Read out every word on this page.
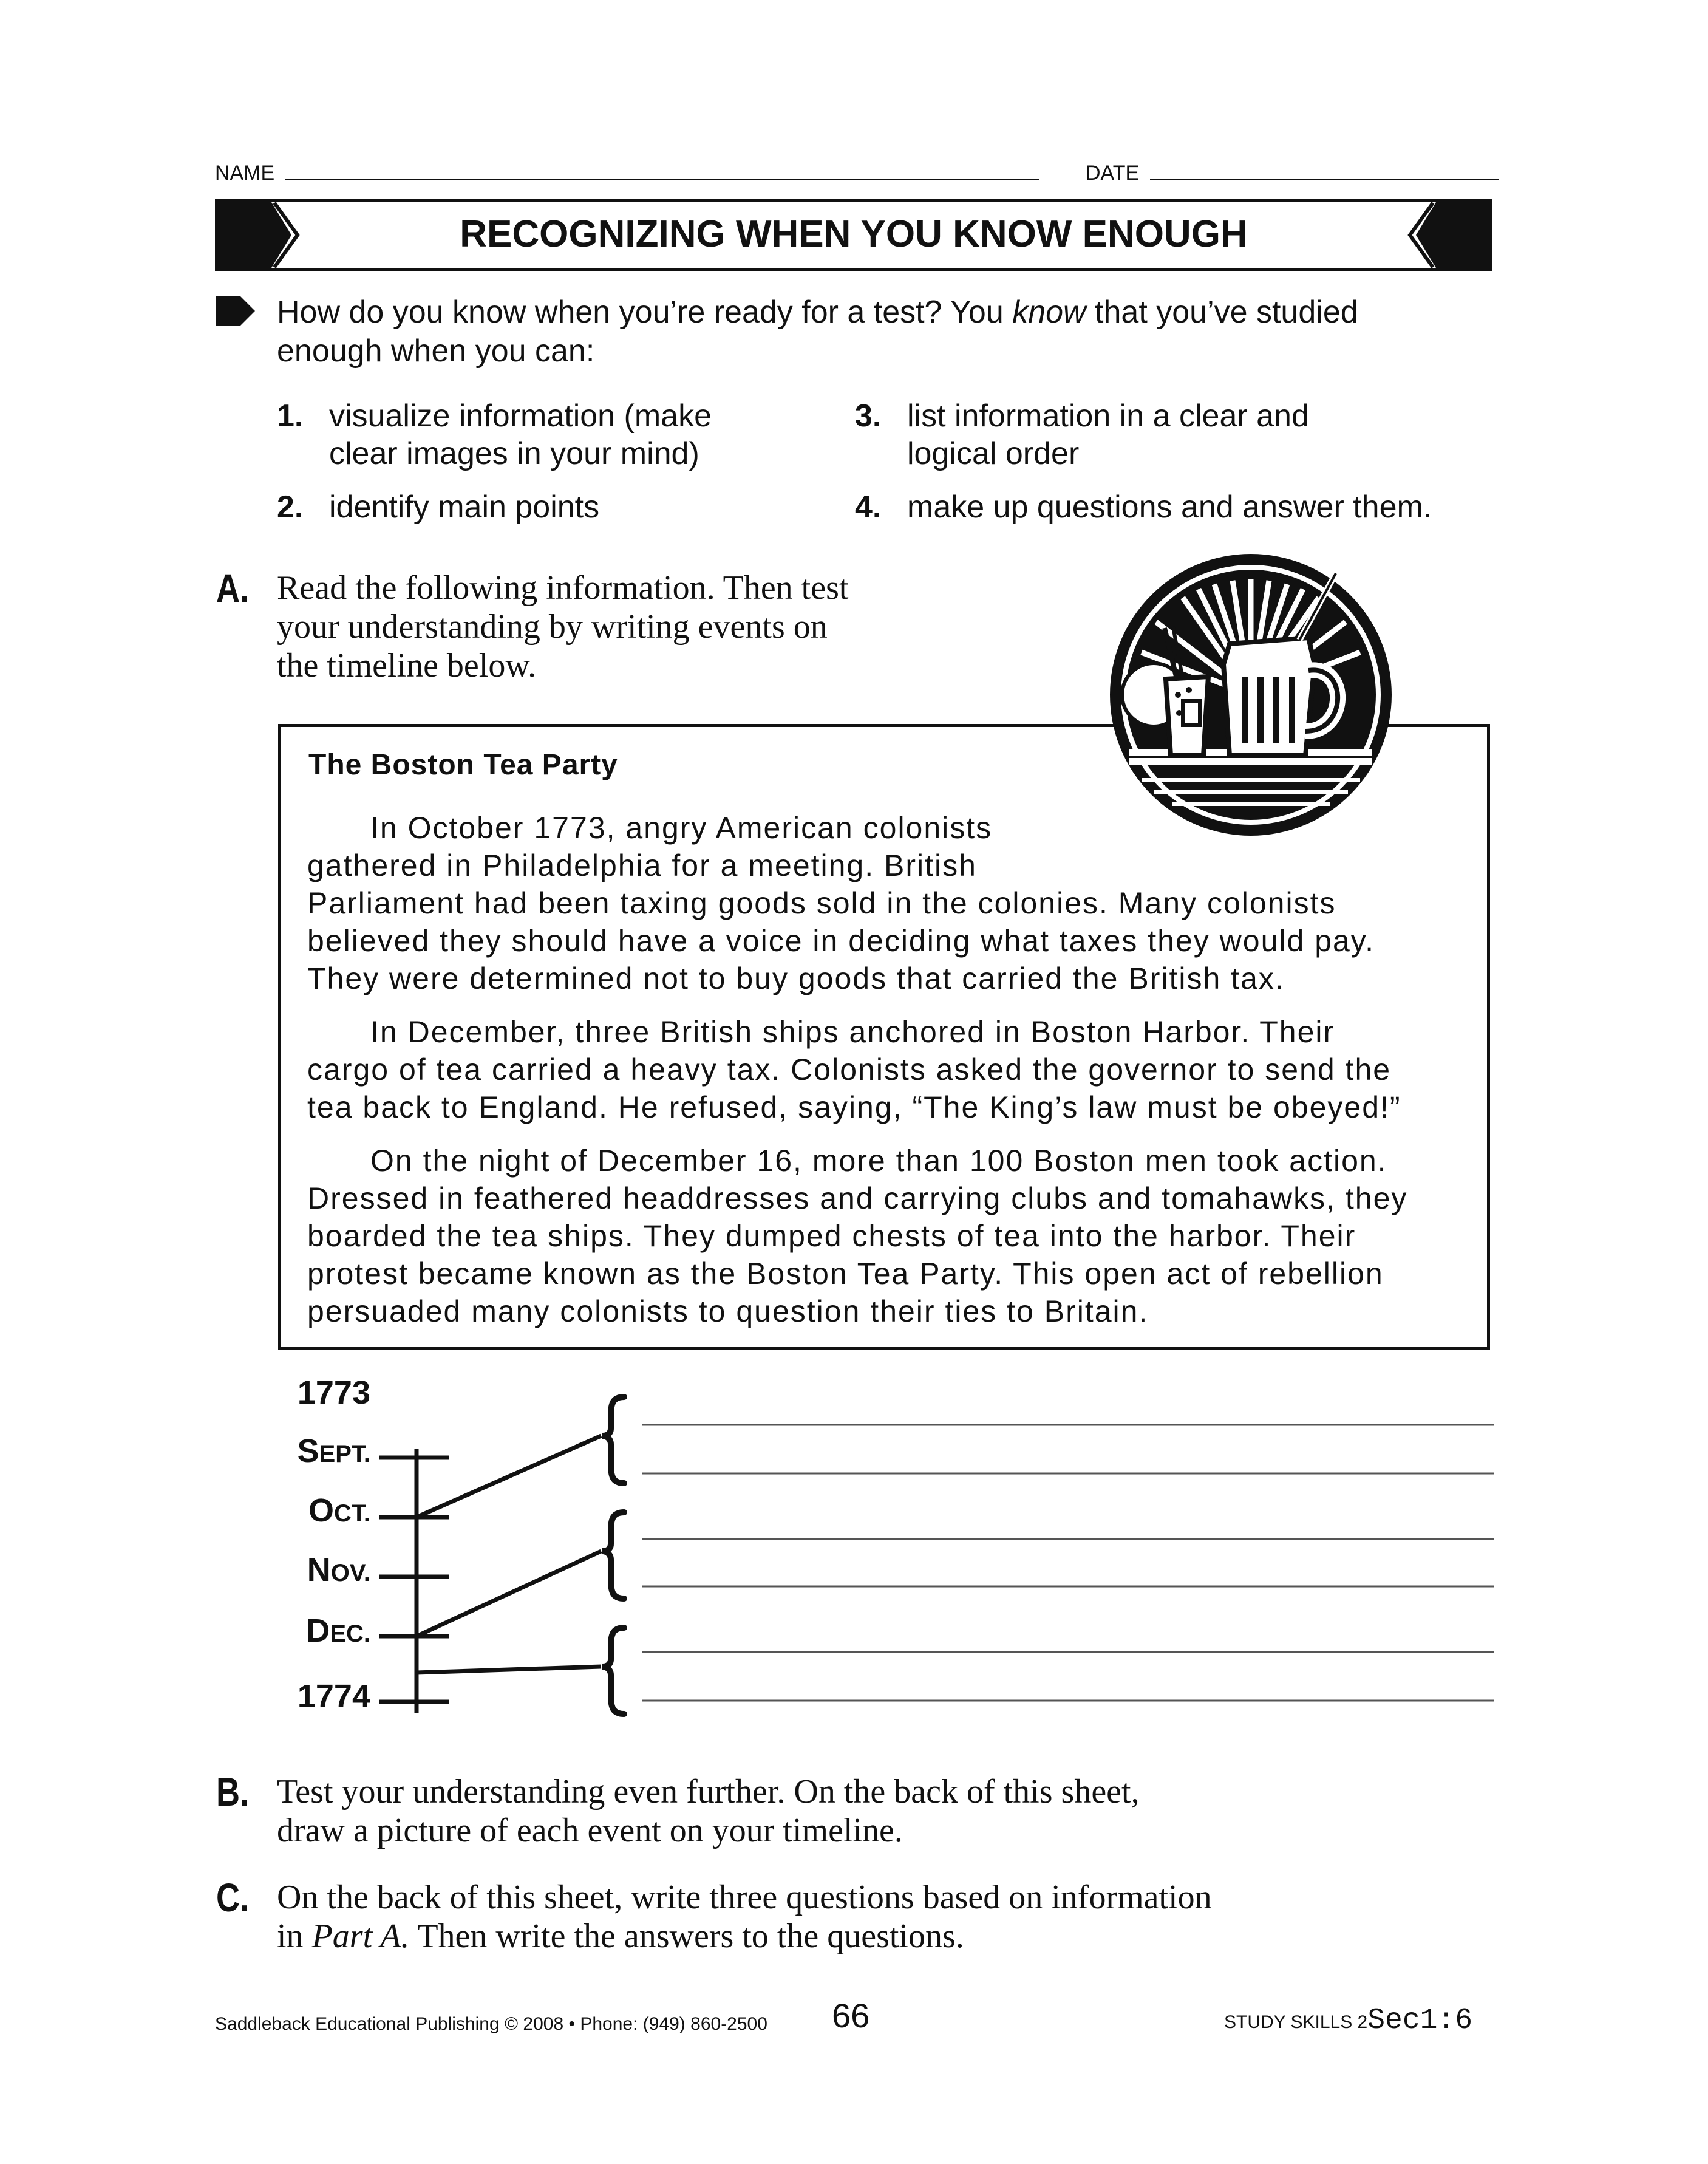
NAME	DATE
RECOGNIZING WHEN YOU KNOW ENOUGH
How do you know when you’re ready for a test? You know that you’ve studied enough when you can:
1. visualize information (make
clear images in your mind)
2. identify main points
3. list information in a clear and
logical order
4. make up questions and answer them.
A. Read the following information. Then test
your understanding by writing events on
the timeline below.
The Boston Tea Party
In October 1773, angry American colonists
gathered in Philadelphia for a meeting. British
Parliament had been taxing goods sold in the colonies. Many colonists
believed they should have a voice in deciding what taxes they would pay.
They were determined not to buy goods that carried the British tax.
In December, three British ships anchored in Boston Harbor. Their
cargo of tea carried a heavy tax. Colonists asked the governor to send the
tea back to England. He refused, saying, “The King’s law must be obeyed!”
On the night of December 16, more than 100 Boston men took action.
Dressed in feathered headdresses and carrying clubs and tomahawks, they
boarded the tea ships. They dumped chests of tea into the harbor. Their
protest became known as the Boston Tea Party. This open act of rebellion
persuaded many colonists to question their ties to Britain.
1773
SEPT.
OCT.
NOV.
DEC.
1774
B. Test your understanding even further. On the back of this sheet,
draw a picture of each event on your timeline.
C. On the back of this sheet, write three questions based on information
in Part A. Then write the answers to the questions.
Saddleback Educational Publishing © 2008 • Phone: (949) 860-2500 66	STUDY SKILLS 2Sec1:6
